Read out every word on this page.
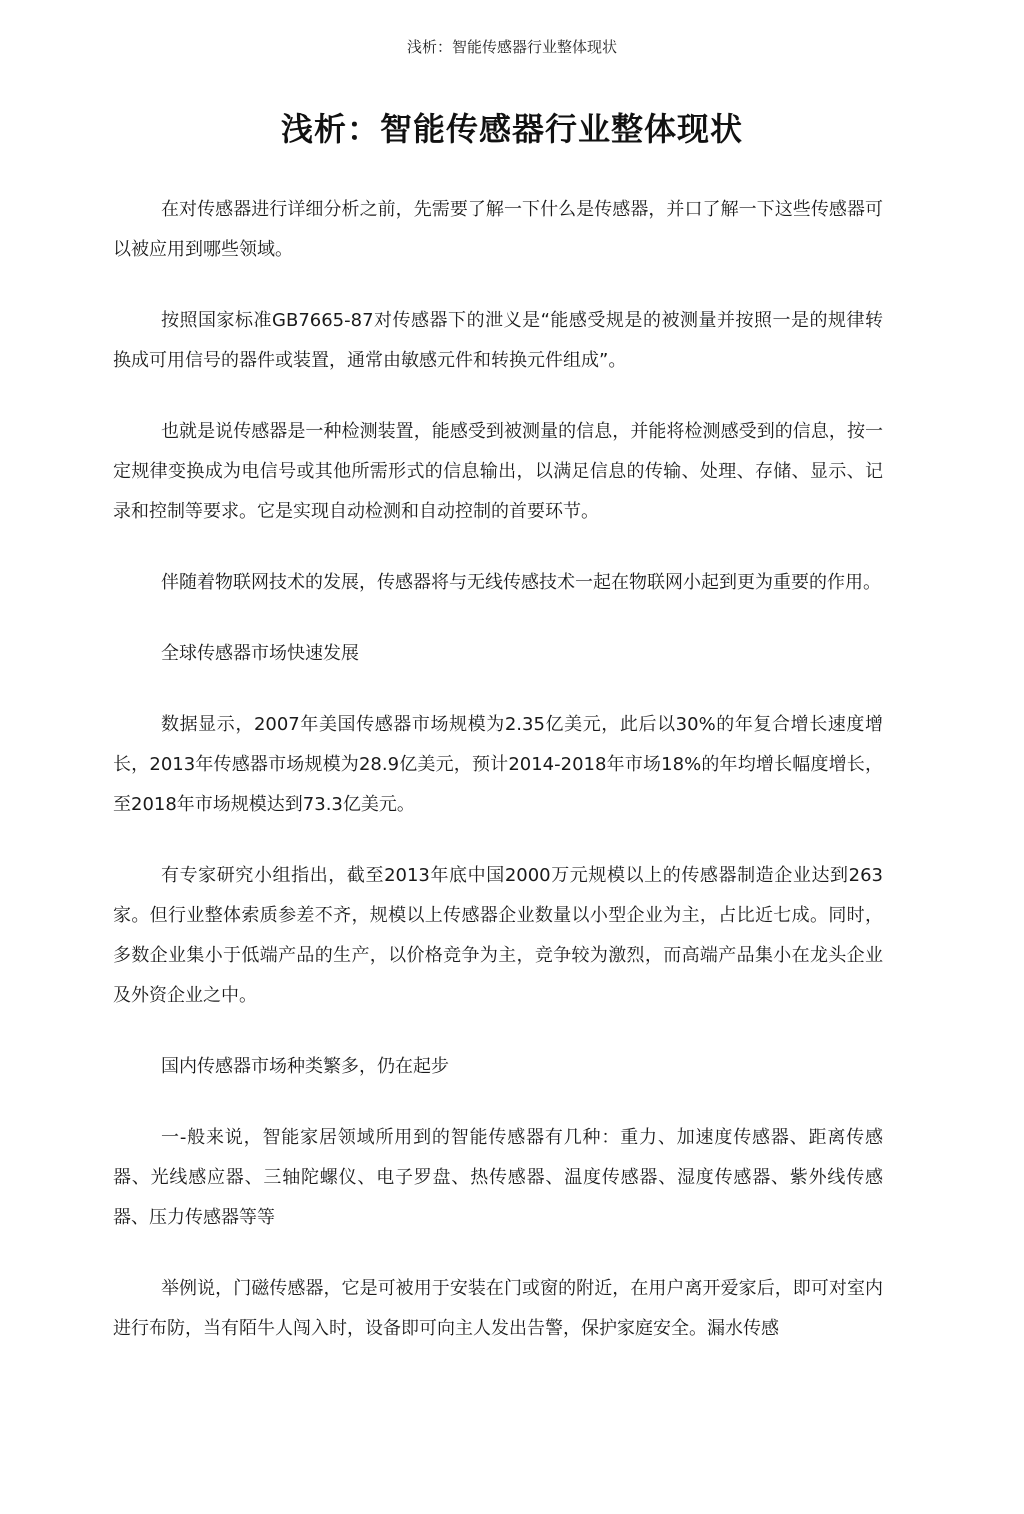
浅析：智能传感器行业整体现状
浅析：智能传感器行业整体现状

在对传感器进行详细分析之前，先需要了解一下什么是传感器，并口了解一下这些传感器可以被应用到哪些领域。

按照国家标准GB7665-87对传感器下的泄义是“能感受规是的被测量并按照一是的规律转换成可用信号的器件或装置，通常由敏感元件和转换元件组成”。

也就是说传感器是一种检测装置，能感受到被测量的信息，并能将检测感受到的信息，按一定规律变换成为电信号或其他所需形式的信息输出，以满足信息的传输、处理、存储、显示、记录和控制等要求。它是实现自动检测和自动控制的首要环节。

伴随着物联网技术的发展，传感器将与无线传感技术一起在物联网小起到更为重要的作用。

全球传感器市场快速发展

数据显示，2007年美国传感器市场规模为2.35亿美元，此后以30%的年复合增长速度增长，2013年传感器市场规模为28.9亿美元，预计2014-2018年市场18%的年均增长幅度增长，至2018年市场规模达到73.3亿美元。

有专家研究小组指出，截至2013年底中国2000万元规模以上的传感器制造企业达到263家。但行业整体索质参差不齐，规模以上传感器企业数量以小型企业为主，占比近七成。同时，多数企业集小于低端产品的生产，以价格竞争为主，竞争较为激烈，而高端产品集小在龙头企业及外资企业之中。

国内传感器市场种类繁多，仍在起步

一-般来说，智能家居领域所用到的智能传感器有几种：重力、加速度传感器、距离传感器、光线感应器、三轴陀螺仪、电子罗盘、热传感器、温度传感器、湿度传感器、紫外线传感器、压力传感器等等

举例说，门磁传感器，它是可被用于安装在门或窗的附近，在用户离开爱家后，即可对室内进行布防，当有陌牛人闯入时，设备即可向主人发出告警，保护家庭安全。漏水传感
